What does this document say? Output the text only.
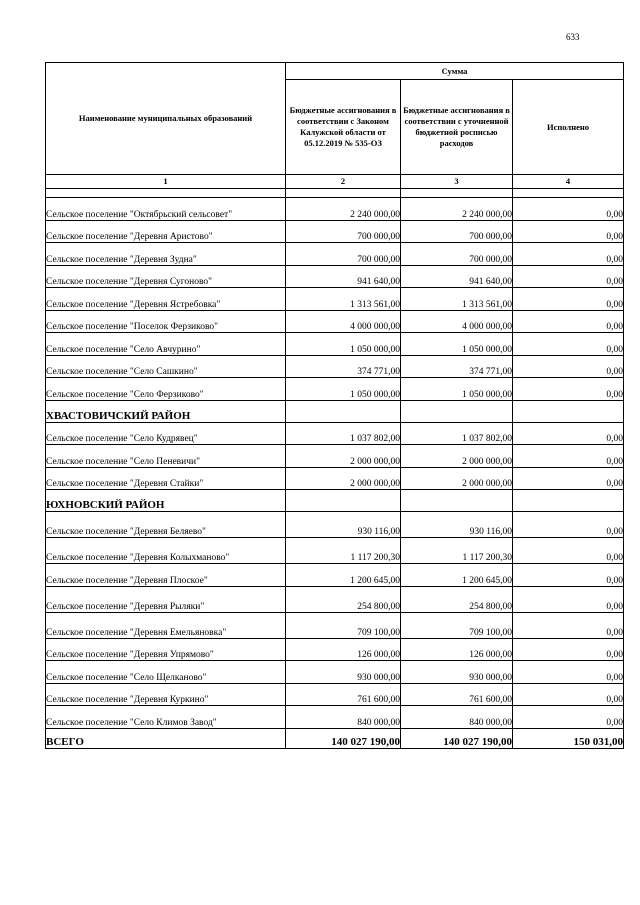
633
Наименование муниципальных образований	Сумма		
	Бюджетные ассигнования в соответствии с Законом Калужской области от 05.12.2019 № 535-ОЗ	Бюджетные ассигнования в соответствии с уточненной бюджетной росписью расходов	Исполнено
1	2	3	4

Сельское поселение "Октябрьский сельсовет"	2 240 000,00	2 240 000,00	0,00
Сельское поселение "Деревня Аристово"	700 000,00	700 000,00	0,00
Сельское поселение "Деревня Зудна"	700 000,00	700 000,00	0,00
Сельское поселение "Деревня Сугоново"	941 640,00	941 640,00	0,00
Сельское поселение "Деревня Ястребовка"	1 313 561,00	1 313 561,00	0,00
Сельское поселение "Поселок Ферзиково"	4 000 000,00	4 000 000,00	0,00
Сельское поселение "Село Авчурино"	1 050 000,00	1 050 000,00	0,00
Сельское поселение "Село Сашкино"	374 771,00	374 771,00	0,00
Сельское поселение "Село Ферзиково"	1 050 000,00	1 050 000,00	0,00
ХВАСТОВИЧСКИЙ РАЙОН			
Сельское поселение "Село Кудрявец"	1 037 802,00	1 037 802,00	0,00
Сельское поселение "Село Пеневичи"	2 000 000,00	2 000 000,00	0,00
Сельское поселение "Деревня Стайки"	2 000 000,00	2 000 000,00	0,00
ЮХНОВСКИЙ РАЙОН			
Сельское поселение "Деревня Беляево"	930 116,00	930 116,00	0,00
Сельское поселение "Деревня Колыхманово"	1 117 200,30	1 117 200,30	0,00
Сельское поселение "Деревня Плоское"	1 200 645,00	1 200 645,00	0,00
Сельское поселение "Деревня Рыляки"	254 800,00	254 800,00	0,00
Сельское поселение "Деревня Емельяновка"	709 100,00	709 100,00	0,00
Сельское поселение "Деревня Упрямово"	126 000,00	126 000,00	0,00
Сельское поселение "Село Щелканово"	930 000,00	930 000,00	0,00
Сельское поселение "Деревня Куркино"	761 600,00	761 600,00	0,00
Сельское поселение "Село Климов Завод"	840 000,00	840 000,00	0,00
ВСЕГО	140 027 190,00	140 027 190,00	150 031,00
